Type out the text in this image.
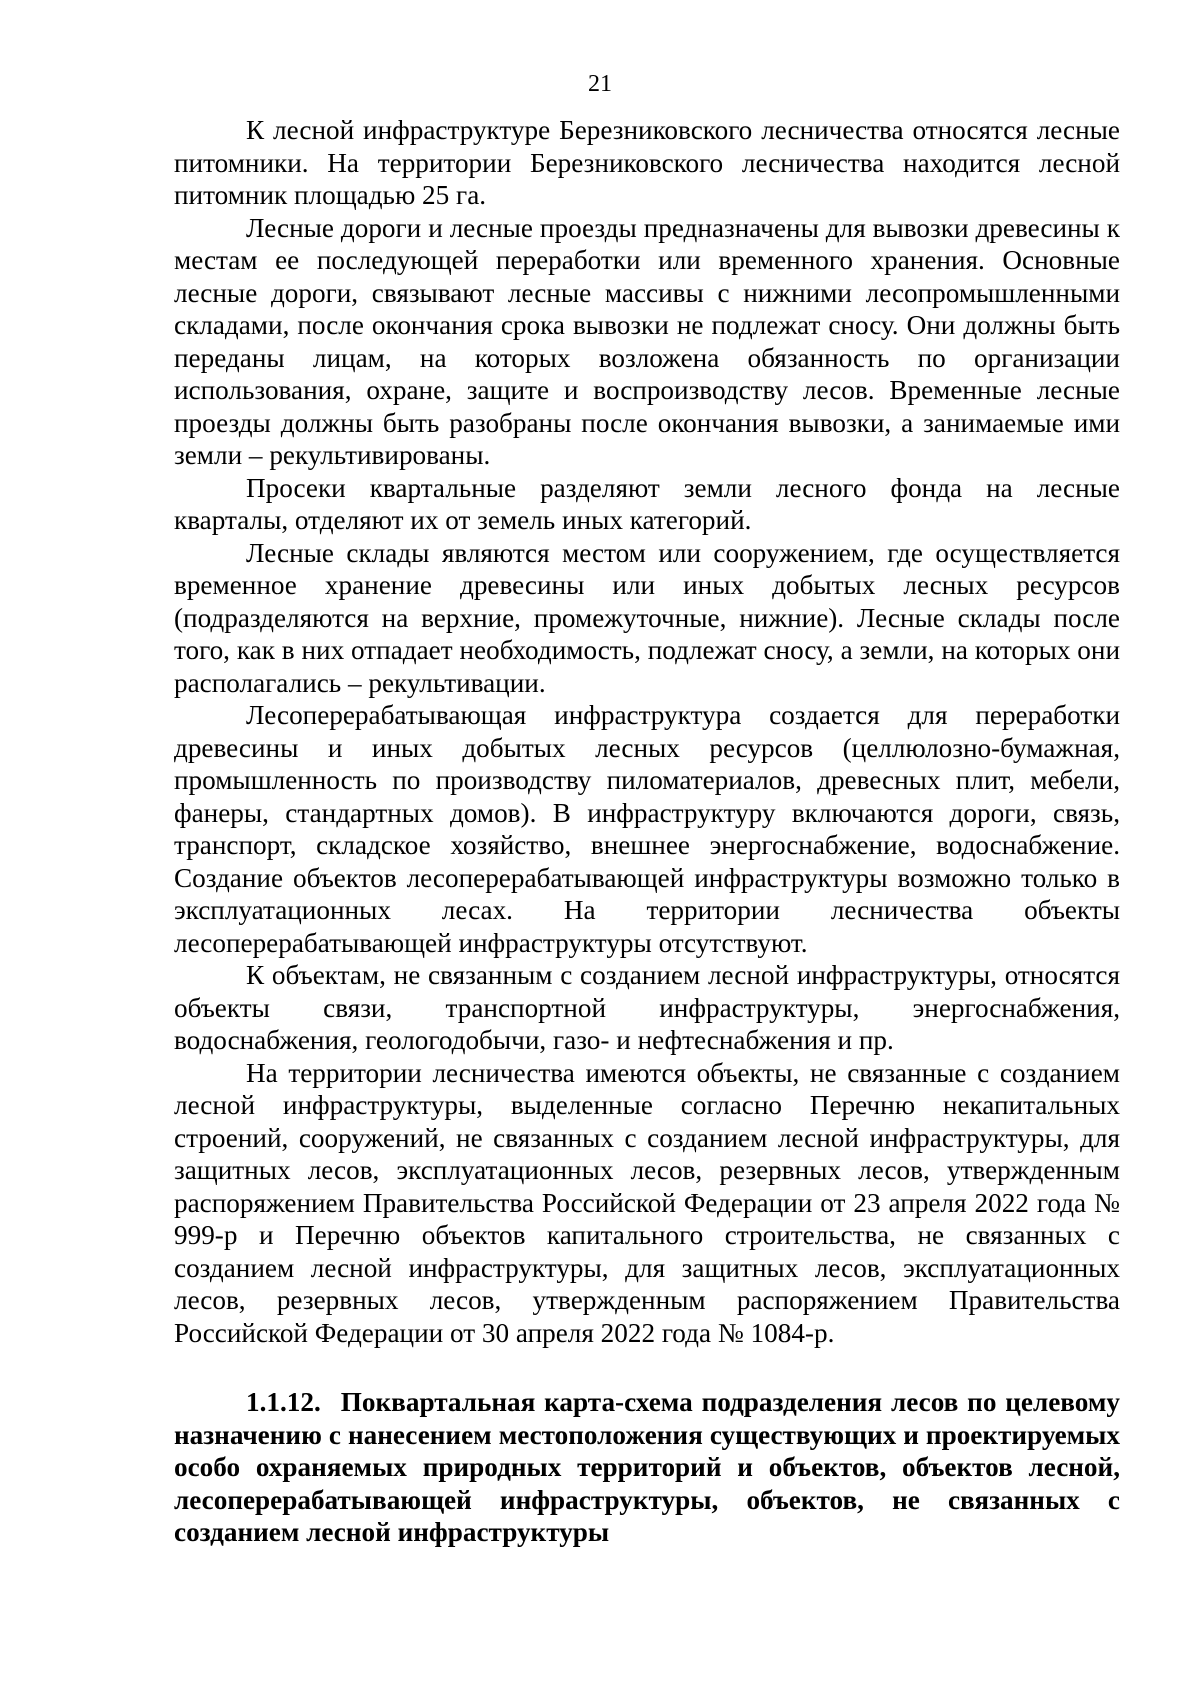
21

К лесной инфраструктуре Березниковского лесничества относятся лесные питомники. На территории Березниковского лесничества находится лесной питомник площадью 25 га.

Лесные дороги и лесные проезды предназначены для вывозки древесины к местам ее последующей переработки или временного хранения. Основные лесные дороги, связывают лесные массивы с нижними лесопромышленными складами, после окончания срока вывозки не подлежат сносу. Они должны быть переданы лицам, на которых возложена обязанность по организации использования, охране, защите и воспроизводству лесов. Временные лесные проезды должны быть разобраны после окончания вывозки, а занимаемые ими земли – рекультивированы.

Просеки квартальные разделяют земли лесного фонда на лесные кварталы, отделяют их от земель иных категорий.

Лесные склады являются местом или сооружением, где осуществляется временное хранение древесины или иных добытых лесных ресурсов (подразделяются на верхние, промежуточные, нижние). Лесные склады после того, как в них отпадает необходимость, подлежат сносу, а земли, на которых они располагались – рекультивации.

Лесоперерабатывающая инфраструктура создается для переработки древесины и иных добытых лесных ресурсов (целлюлозно-бумажная, промышленность по производству пиломатериалов, древесных плит, мебели, фанеры, стандартных домов). В инфраструктуру включаются дороги, связь, транспорт, складское хозяйство, внешнее энергоснабжение, водоснабжение. Создание объектов лесоперерабатывающей инфраструктуры возможно только в эксплуатационных лесах. На территории лесничества объекты лесоперерабатывающей инфраструктуры отсутствуют.

К объектам, не связанным с созданием лесной инфраструктуры, относятся объекты связи, транспортной инфраструктуры, энергоснабжения, водоснабжения, геологодобычи, газо- и нефтеснабжения и пр.

На территории лесничества имеются объекты, не связанные с созданием лесной инфраструктуры, выделенные согласно Перечню некапитальных строений, сооружений, не связанных с созданием лесной инфраструктуры, для защитных лесов, эксплуатационных лесов, резервных лесов, утвержденным распоряжением Правительства Российской Федерации от 23 апреля 2022 года № 999-р и Перечню объектов капитального строительства, не связанных с созданием лесной инфраструктуры, для защитных лесов, эксплуатационных лесов, резервных лесов, утвержденным распоряжением Правительства Российской Федерации от 30 апреля 2022 года № 1084-р.

1.1.12. Поквартальная карта-схема подразделения лесов по целевому назначению с нанесением местоположения существующих и проектируемых особо охраняемых природных территорий и объектов, объектов лесной, лесоперерабатывающей инфраструктуры, объектов, не связанных с созданием лесной инфраструктуры
